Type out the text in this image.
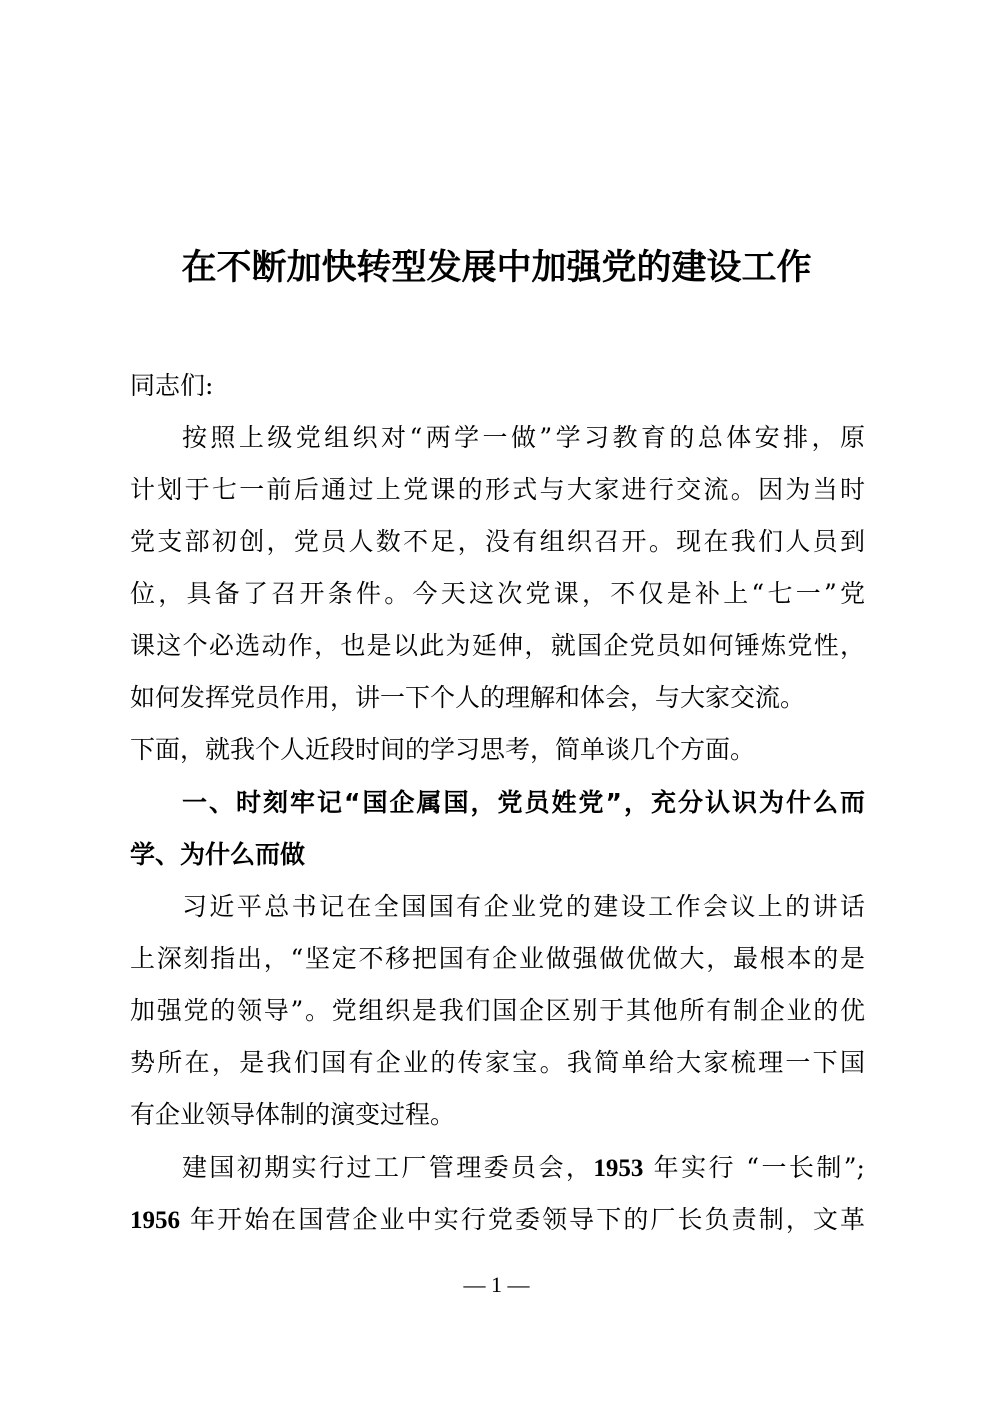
在不断加快转型发展中加强党的建设工作
同志们:
按照上级党组织对“两学一做”学习教育的总体安排，原
计划于七一前后通过上党课的形式与大家进行交流。因为当时
党支部初创，党员人数不足，没有组织召开。现在我们人员到
位，具备了召开条件。今天这次党课，不仅是补上“七一”党
课这个必选动作，也是以此为延伸，就国企党员如何锤炼党性，
如何发挥党员作用，讲一下个人的理解和体会，与大家交流。
下面，就我个人近段时间的学习思考，简单谈几个方面。
一、时刻牢记“国企属国，党员姓党”，充分认识为什么而
学、为什么而做
习近平总书记在全国国有企业党的建设工作会议上的讲话
上深刻指出，“坚定不移把国有企业做强做优做大，最根本的是
加强党的领导”。党组织是我们国企区别于其他所有制企业的优
势所在，是我们国有企业的传家宝。我简单给大家梳理一下国
有企业领导体制的演变过程。
建国初期实行过工厂管理委员会，1953 年实行 “一长制”;
1956 年开始在国营企业中实行党委领导下的厂长负责制，文革
— 1 —
